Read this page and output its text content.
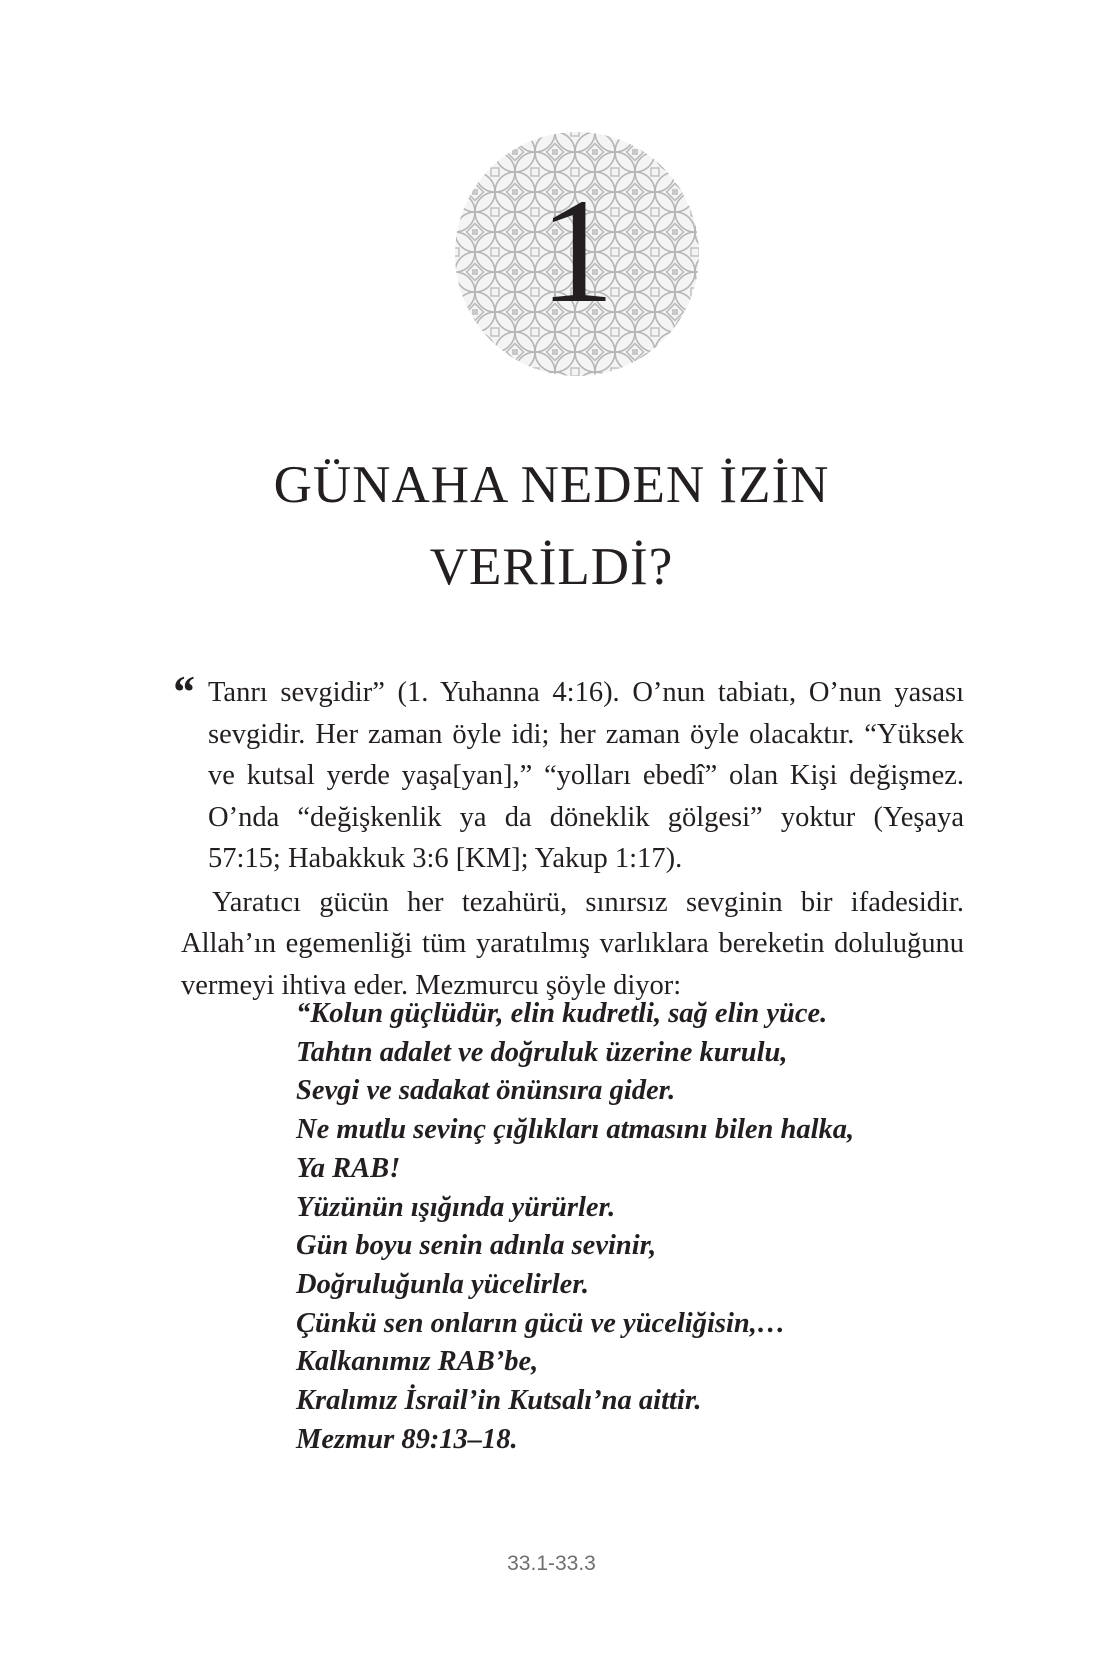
1
GÜNAHA NEDEN İZİN
VERİLDİ?

“ Tanrı sevgidir” (1. Yuhanna 4:16). O’nun tabiatı, O’nun yasası sevgidir. Her zaman öyle idi; her zaman öyle olacaktır. “Yüksek ve kutsal yerde yaşa[yan],” “yolları ebedî” olan Kişi değişmez. O’nda “değişkenlik ya da döneklik gölgesi” yoktur (Yeşaya 57:15; Habakkuk 3:6 [KM]; Yakup 1:17).

Yaratıcı gücün her tezahürü, sınırsız sevginin bir ifadesidir. Allah’ın egemenliği tüm yaratılmış varlıklara bereketin doluluğunu vermeyi ihtiva eder. Mezmurcu şöyle diyor:

“Kolun güçlüdür, elin kudretli, sağ elin yüce.
Tahtın adalet ve doğruluk üzerine kurulu,
Sevgi ve sadakat önünsıra gider.
Ne mutlu sevinç çığlıkları atmasını bilen halka,
Ya RAB!
Yüzünün ışığında yürürler.
Gün boyu senin adınla sevinir,
Doğruluğunla yücelirler.
Çünkü sen onların gücü ve yüceliğisin,…
Kalkanımız RAB’be,
Kralımız İsrail’in Kutsalı’na aittir.
Mezmur 89:13–18.
33.1-33.3
